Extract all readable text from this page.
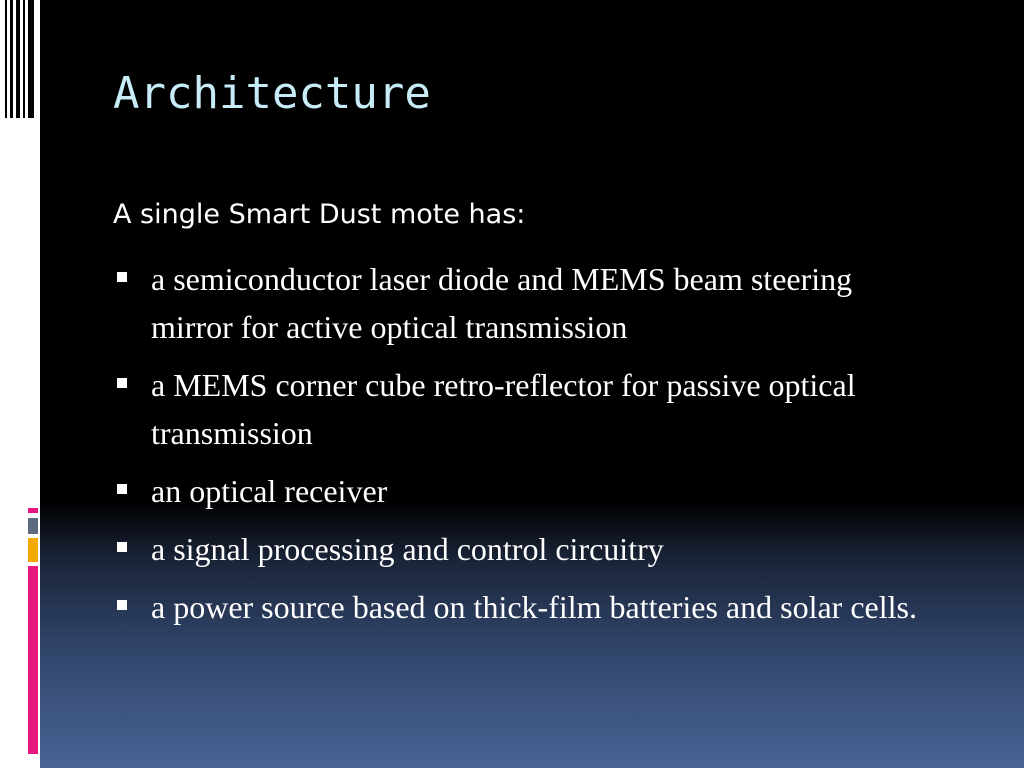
Architecture

A single Smart Dust mote has:

a semiconductor laser diode and MEMS beam steering mirror for active optical transmission
a MEMS corner cube retro-reflector for passive optical transmission
an optical receiver
a signal processing and control circuitry
a power source based on thick-film batteries and solar cells.
